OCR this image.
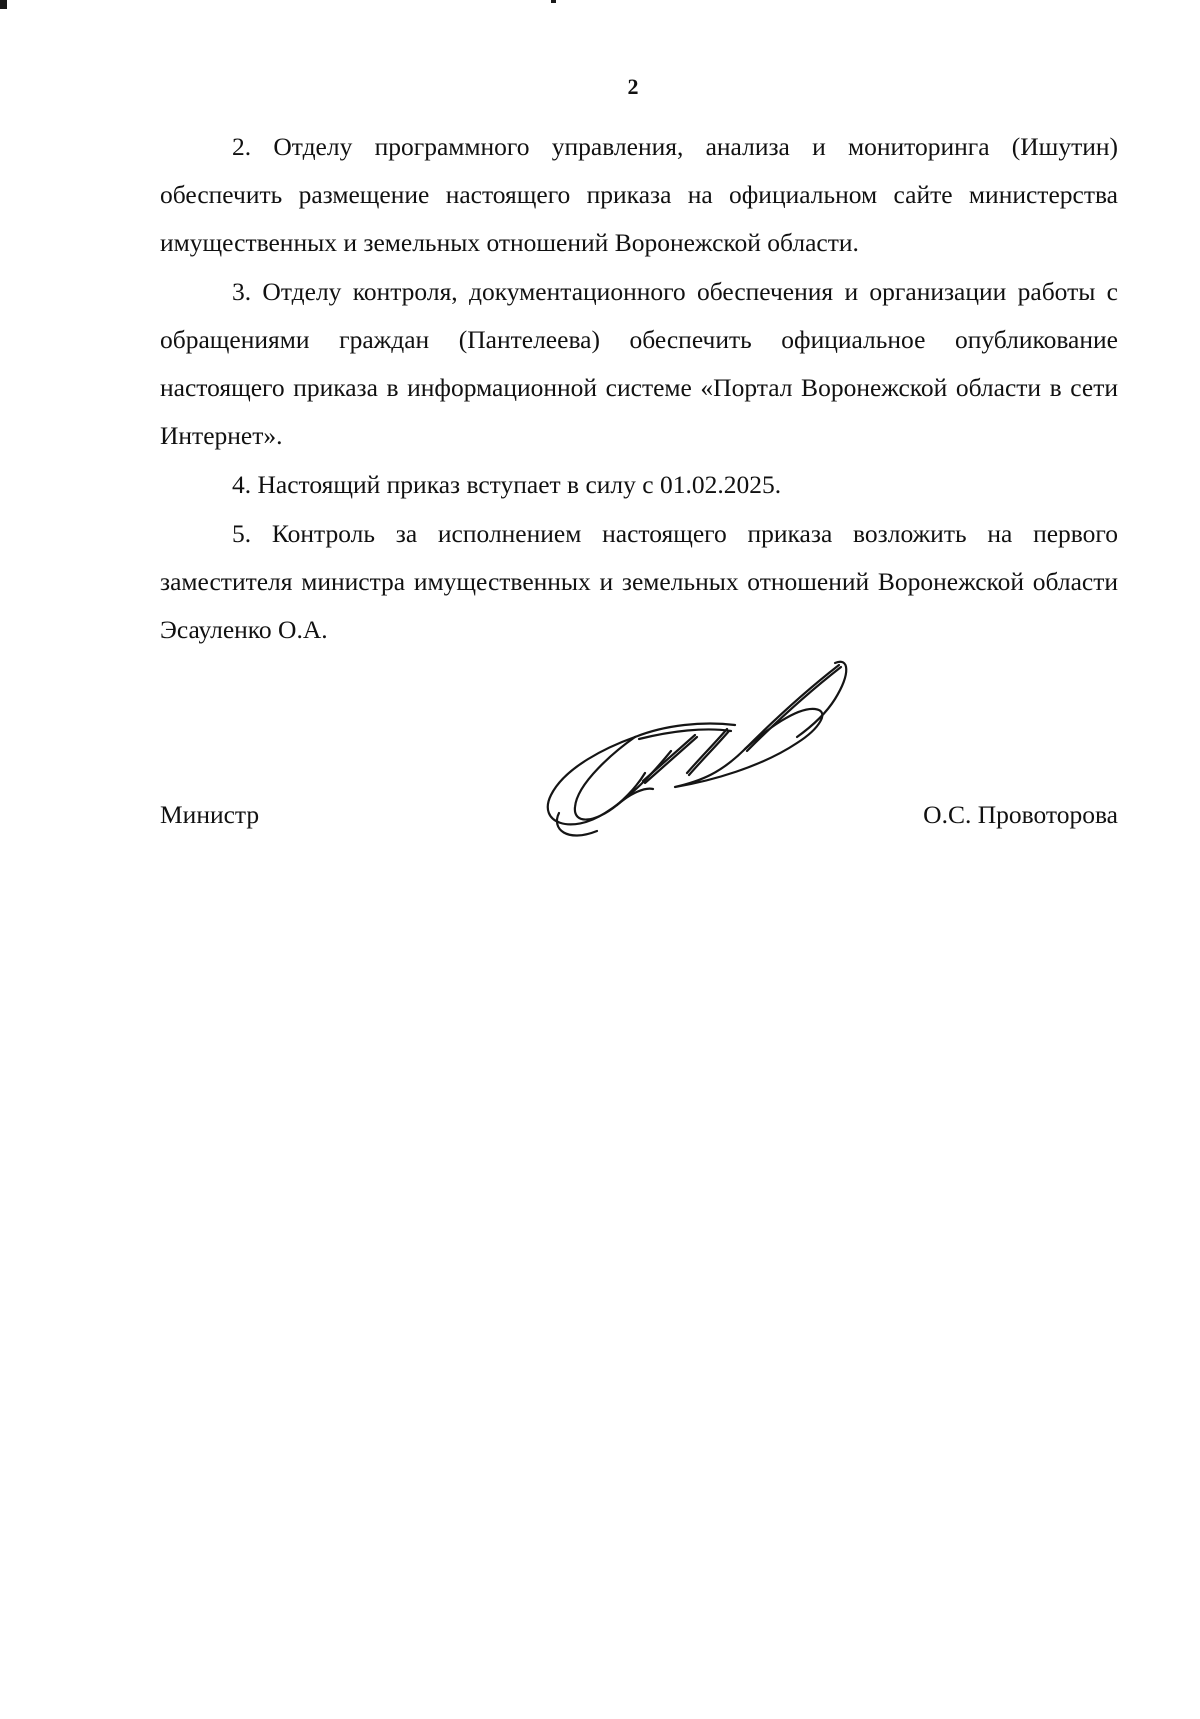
2

2. Отделу программного управления, анализа и мониторинга (Ишутин) обеспечить размещение настоящего приказа на официальном сайте министерства имущественных и земельных отношений Воронежской области.

3. Отделу контроля, документационного обеспечения и организации работы с обращениями граждан (Пантелеева) обеспечить официальное опубликование настоящего приказа в информационной системе «Портал Воронежской области в сети Интернет».

4. Настоящий приказ вступает в силу с 01.02.2025.

5. Контроль за исполнением настоящего приказа возложить на первого заместителя министра имущественных и земельных отношений Воронежской области Эсауленко О.А.

Министр	О.С. Провоторова
